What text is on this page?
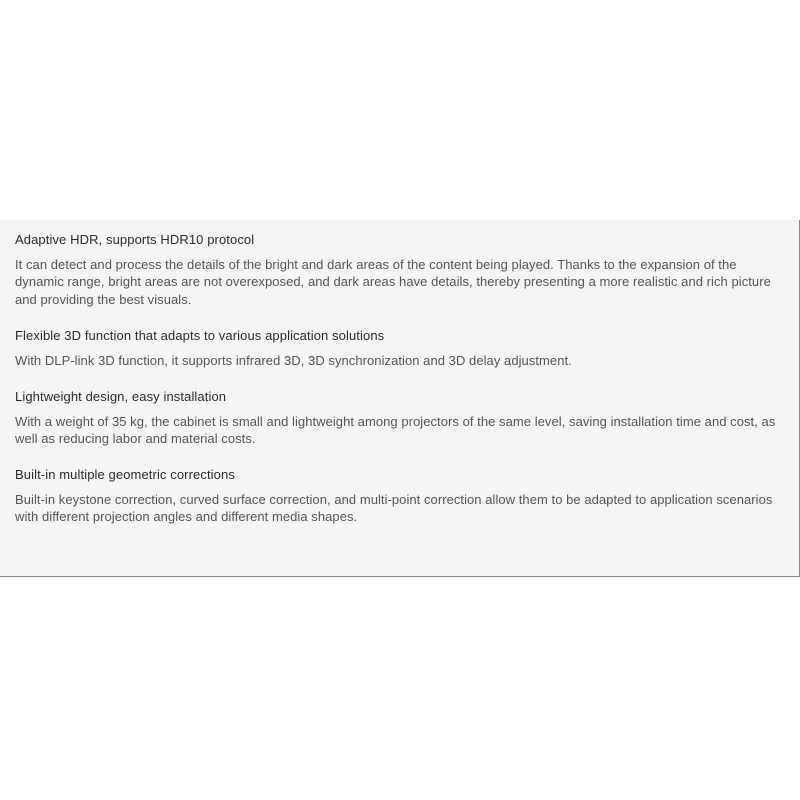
Adaptive HDR, supports HDR10 protocol

It can detect and process the details of the bright and dark areas of the content being played. Thanks to the expansion of the dynamic range, bright areas are not overexposed, and dark areas have details, thereby presenting a more realistic and rich picture and providing the best visuals.

Flexible 3D function that adapts to various application solutions

With DLP-link 3D function, it supports infrared 3D, 3D synchronization and 3D delay adjustment.

Lightweight design, easy installation

With a weight of 35 kg, the cabinet is small and lightweight among projectors of the same level, saving installation time and cost, as well as reducing labor and material costs.

Built-in multiple geometric corrections

Built-in keystone correction, curved surface correction, and multi-point correction allow them to be adapted to application scenarios with different projection angles and different media shapes.
